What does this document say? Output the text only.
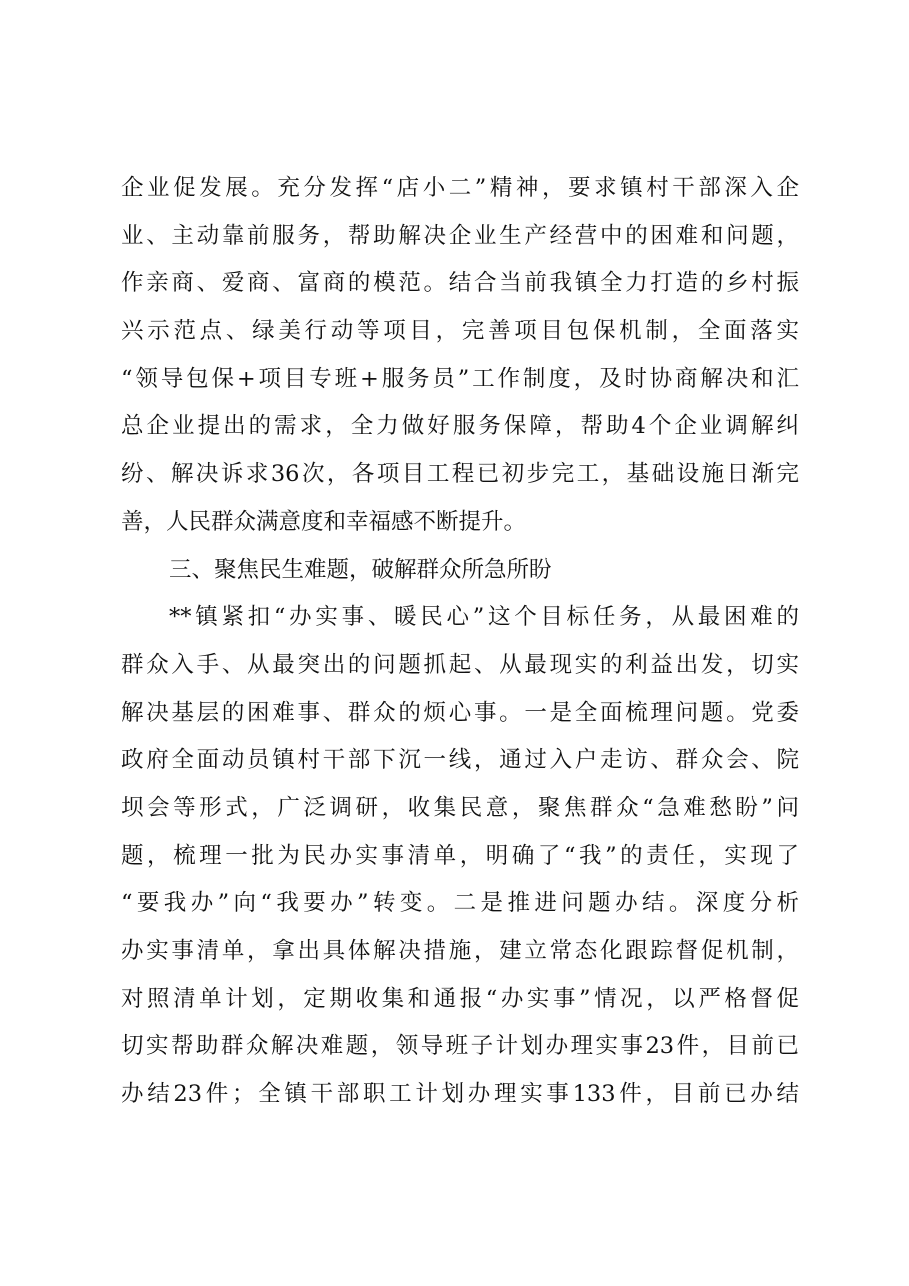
企业促发展。充分发挥“店小二”精神，要求镇村干部深入企
业、主动靠前服务，帮助解决企业生产经营中的困难和问题，
作亲商、爱商、富商的模范。结合当前我镇全力打造的乡村振
兴示范点、绿美行动等项目，完善项目包保机制，全面落实
“领导包保+项目专班+服务员”工作制度，及时协商解决和汇
总企业提出的需求，全力做好服务保障，帮助4个企业调解纠
纷、解决诉求36次，各项目工程已初步完工，基础设施日渐完
善，人民群众满意度和幸福感不断提升。
三、聚焦民生难题，破解群众所急所盼
**镇紧扣“办实事、暖民心”这个目标任务，从最困难的
群众入手、从最突出的问题抓起、从最现实的利益出发，切实
解决基层的困难事、群众的烦心事。一是全面梳理问题。党委
政府全面动员镇村干部下沉一线，通过入户走访、群众会、院
坝会等形式，广泛调研，收集民意，聚焦群众“急难愁盼”问
题，梳理一批为民办实事清单，明确了“我”的责任，实现了
“要我办”向“我要办”转变。二是推进问题办结。深度分析
办实事清单，拿出具体解决措施，建立常态化跟踪督促机制，
对照清单计划，定期收集和通报“办实事”情况，以严格督促
切实帮助群众解决难题，领导班子计划办理实事23件，目前已
办结23件；全镇干部职工计划办理实事133件，目前已办结
